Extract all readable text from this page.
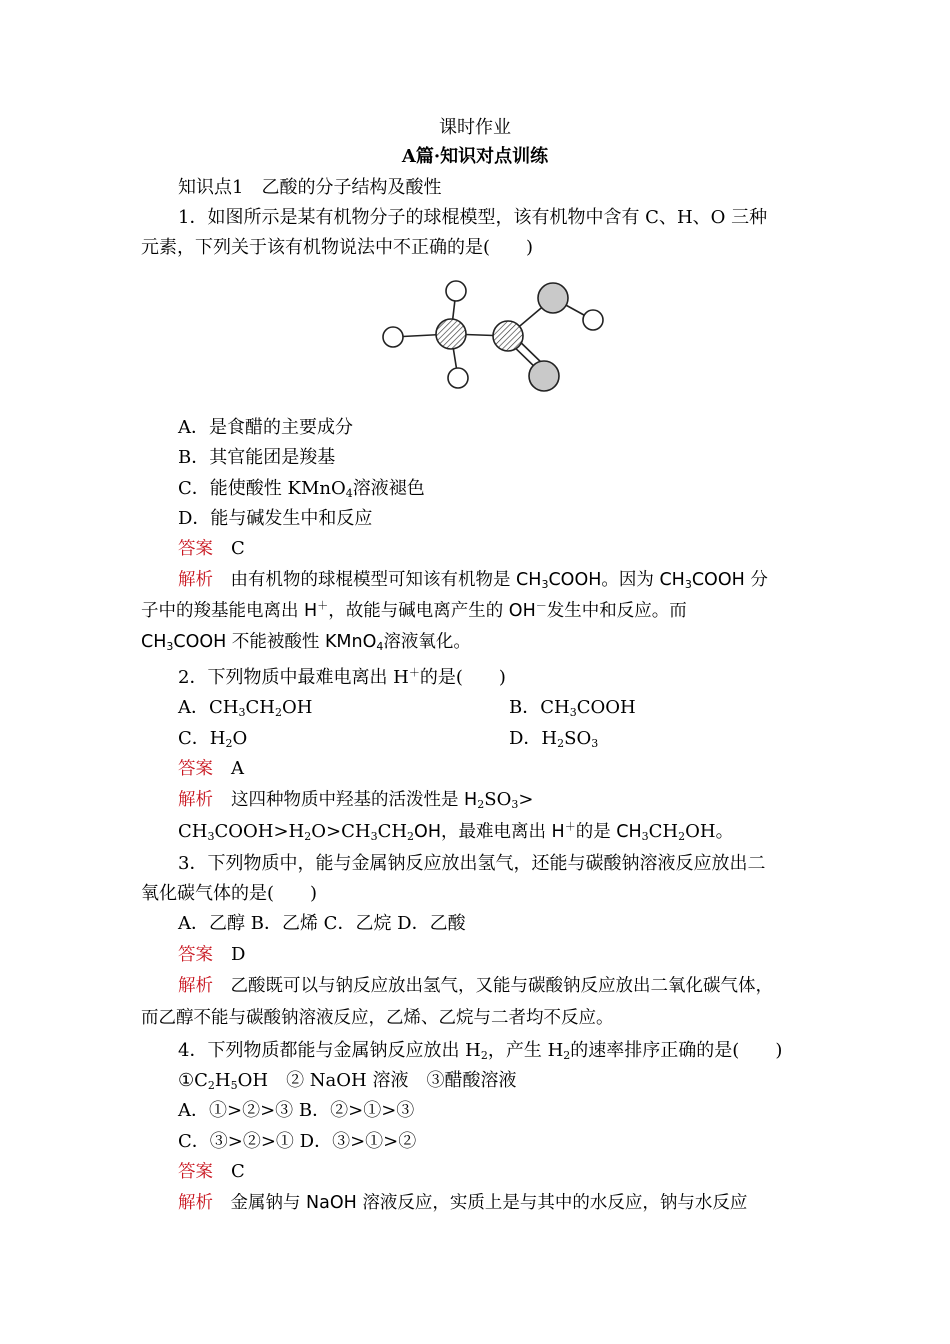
课时作业
A篇·知识对点训练
知识点1　乙酸的分子结构及酸性
1．如图所示是某有机物分子的球棍模型，该有机物中含有 C、H、O 三种
元素，下列关于该有机物说法中不正确的是(　　)
A．是食醋的主要成分
B．其官能团是羧基
C．能使酸性 KMnO$_4$溶液褪色
D．能与碱发生中和反应
答案　 C
解析　 由有机物的球棍模型可知该有机物是 $CH_3COOH$。因为 $CH_3COOH$ 分
子中的羧基能电离出 H＋，故能与碱电离产生的 OH－发生中和反应。而
$CH_3COOH$ 不能被酸性 KMnO$_4$溶液氧化。
2．下列物质中最难电离出 H＋的是(　　)
A．$CH_3CH_2OH$	B．$CH_3COOH$
C．$H_2O$	D．$H_2SO_3$
答案　 A
解析　 这四种物质中羟基的活泼性是 $H_2SO_3>$
$CH_3COOH>H_2O>CH_3CH_2OH$，最难电离出 H＋的是 $CH_3CH_2OH$。
3．下列物质中，能与金属钠反应放出氢气，还能与碳酸钠溶液反应放出二
氧化碳气体的是(　　)
A．乙醇 B．乙烯 C．乙烷 D．乙酸
答案　 D
解析　 乙酸既可以与钠反应放出氢气，又能与碳酸钠反应放出二氧化碳气体，
而乙醇不能与碳酸钠溶液反应，乙烯、乙烷与二者均不反应。
4．下列物质都能与金属钠反应放出 $H_2$，产生 $H_2$的速率排序正确的是(　　)
$①C_2H_5OH$　② NaOH 溶液　③醋酸溶液
A．①>②>③ B．②>①>③
C．③>②>① D．③>①>②
答案　 C
解析　 金属钠与 NaOH 溶液反应，实质上是与其中的水反应，钠与水反应
